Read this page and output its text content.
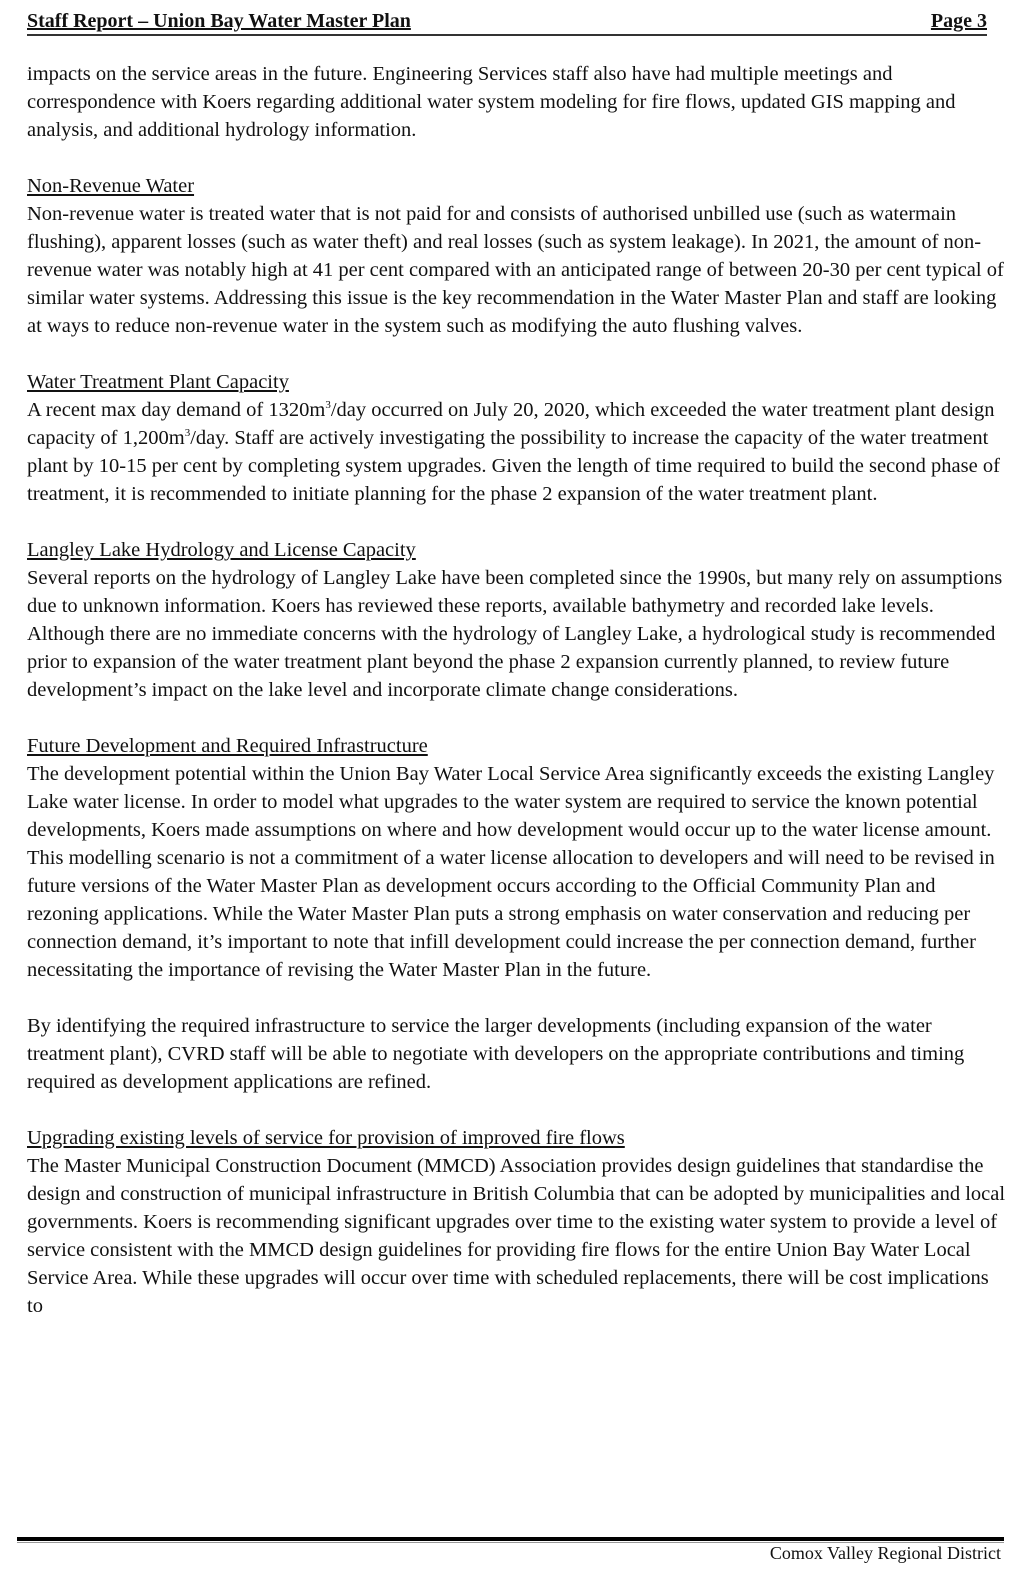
Staff Report – Union Bay Water Master Plan	Page 3

impacts on the service areas in the future. Engineering Services staff also have had multiple meetings and correspondence with Koers regarding additional water system modeling for fire flows, updated GIS mapping and analysis, and additional hydrology information.

Non-Revenue Water

Non-revenue water is treated water that is not paid for and consists of authorised unbilled use (such as watermain flushing), apparent losses (such as water theft) and real losses (such as system leakage). In 2021, the amount of non-revenue water was notably high at 41 per cent compared with an anticipated range of between 20-30 per cent typical of similar water systems. Addressing this issue is the key recommendation in the Water Master Plan and staff are looking at ways to reduce non-revenue water in the system such as modifying the auto flushing valves.

Water Treatment Plant Capacity

A recent max day demand of $1320m^3$/day occurred on July 20, 2020, which exceeded the water treatment plant design capacity of $1,200m^3$/day. Staff are actively investigating the possibility to increase the capacity of the water treatment plant by 10-15 per cent by completing system upgrades. Given the length of time required to build the second phase of treatment, it is recommended to initiate planning for the phase 2 expansion of the water treatment plant.

Langley Lake Hydrology and License Capacity

Several reports on the hydrology of Langley Lake have been completed since the 1990s, but many rely on assumptions due to unknown information. Koers has reviewed these reports, available bathymetry and recorded lake levels. Although there are no immediate concerns with the hydrology of Langley Lake, a hydrological study is recommended prior to expansion of the water treatment plant beyond the phase 2 expansion currently planned, to review future development’s impact on the lake level and incorporate climate change considerations.

Future Development and Required Infrastructure

The development potential within the Union Bay Water Local Service Area significantly exceeds the existing Langley Lake water license. In order to model what upgrades to the water system are required to service the known potential developments, Koers made assumptions on where and how development would occur up to the water license amount. This modelling scenario is not a commitment of a water license allocation to developers and will need to be revised in future versions of the Water Master Plan as development occurs according to the Official Community Plan and rezoning applications. While the Water Master Plan puts a strong emphasis on water conservation and reducing per connection demand, it’s important to note that infill development could increase the per connection demand, further necessitating the importance of revising the Water Master Plan in the future.

By identifying the required infrastructure to service the larger developments (including expansion of the water treatment plant), CVRD staff will be able to negotiate with developers on the appropriate contributions and timing required as development applications are refined.

Upgrading existing levels of service for provision of improved fire flows

The Master Municipal Construction Document (MMCD) Association provides design guidelines that standardise the design and construction of municipal infrastructure in British Columbia that can be adopted by municipalities and local governments. Koers is recommending significant upgrades over time to the existing water system to provide a level of service consistent with the MMCD design guidelines for providing fire flows for the entire Union Bay Water Local Service Area. While these upgrades will occur over time with scheduled replacements, there will be cost implications to

Comox Valley Regional District
